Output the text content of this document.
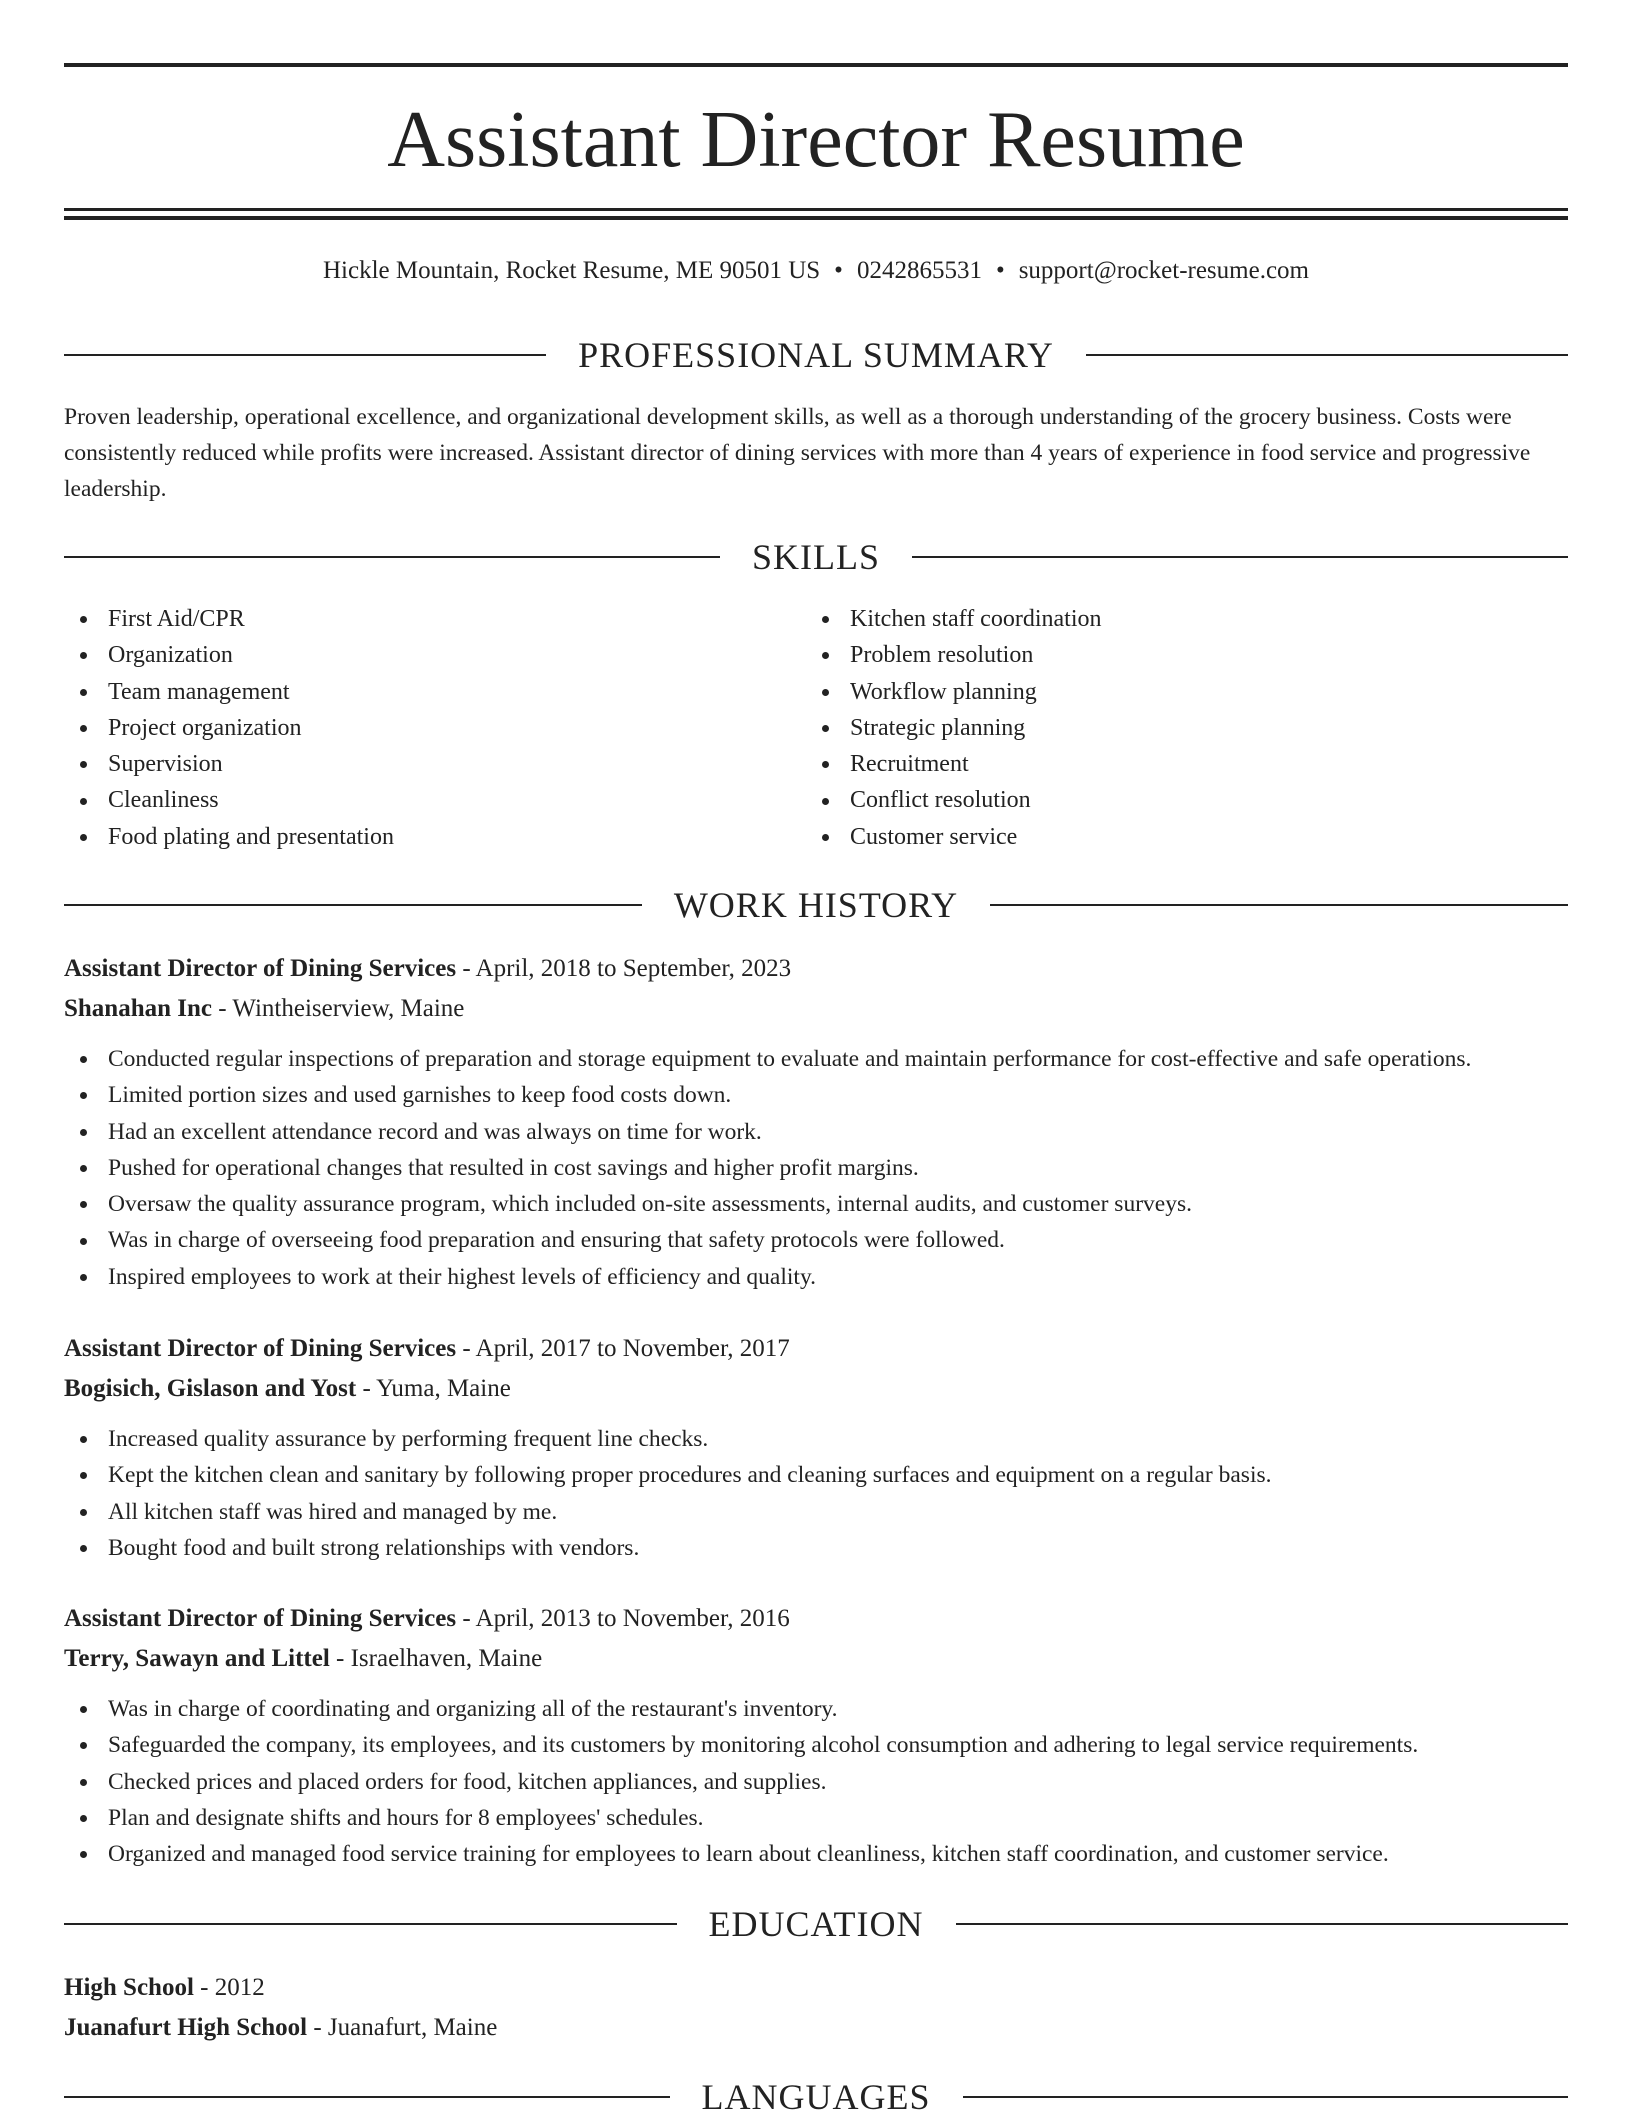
Assistant Director Resume
Hickle Mountain, Rocket Resume, ME 90501 US • 0242865531 • support@rocket-resume.com
PROFESSIONAL SUMMARY

Proven leadership, operational excellence, and organizational development skills, as well as a thorough understanding of the grocery business. Costs were consistently reduced while profits were increased. Assistant director of dining services with more than 4 years of experience in food service and progressive leadership.

SKILLS
First Aid/CPR
Organization
Team management
Project organization
Supervision
Cleanliness
Food plating and presentation
Kitchen staff coordination
Problem resolution
Workflow planning
Strategic planning
Recruitment
Conflict resolution
Customer service
WORK HISTORY
Assistant Director of Dining Services - April, 2018 to September, 2023
Shanahan Inc - Wintheiserview, Maine
Conducted regular inspections of preparation and storage equipment to evaluate and maintain performance for cost-effective and safe operations.
Limited portion sizes and used garnishes to keep food costs down.
Had an excellent attendance record and was always on time for work.
Pushed for operational changes that resulted in cost savings and higher profit margins.
Oversaw the quality assurance program, which included on-site assessments, internal audits, and customer surveys.
Was in charge of overseeing food preparation and ensuring that safety protocols were followed.
Inspired employees to work at their highest levels of efficiency and quality.
Assistant Director of Dining Services - April, 2017 to November, 2017
Bogisich, Gislason and Yost - Yuma, Maine
Increased quality assurance by performing frequent line checks.
Kept the kitchen clean and sanitary by following proper procedures and cleaning surfaces and equipment on a regular basis.
All kitchen staff was hired and managed by me.
Bought food and built strong relationships with vendors.
Assistant Director of Dining Services - April, 2013 to November, 2016
Terry, Sawayn and Littel - Israelhaven, Maine
Was in charge of coordinating and organizing all of the restaurant's inventory.
Safeguarded the company, its employees, and its customers by monitoring alcohol consumption and adhering to legal service requirements.
Checked prices and placed orders for food, kitchen appliances, and supplies.
Plan and designate shifts and hours for 8 employees' schedules.
Organized and managed food service training for employees to learn about cleanliness, kitchen staff coordination, and customer service.
EDUCATION
High School - 2012
Juanafurt High School - Juanafurt, Maine
LANGUAGES
